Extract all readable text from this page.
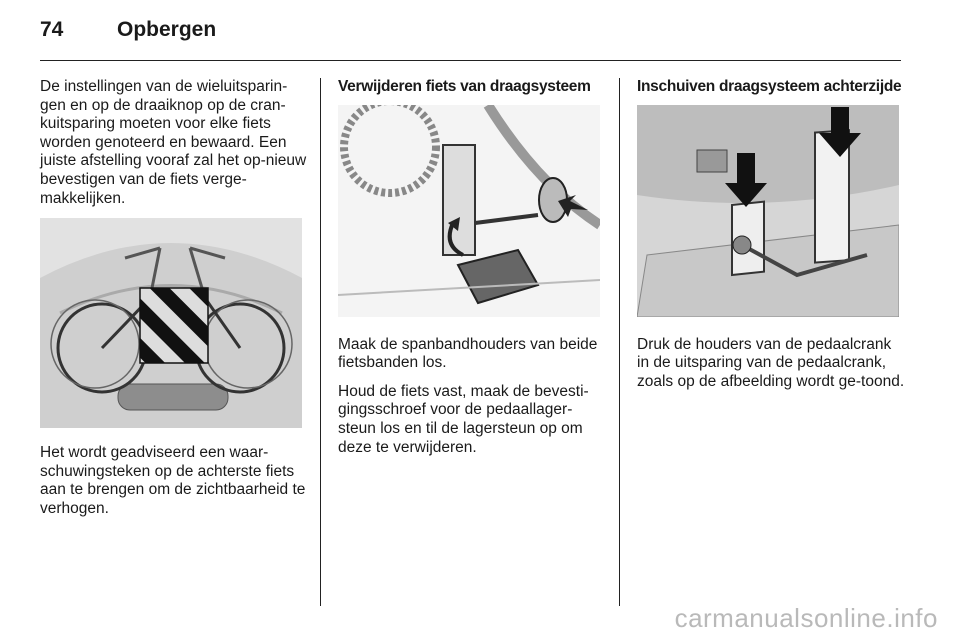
74	Opbergen

De instellingen van de wieluitsparin-gen en op de draaiknop op de cran-kuitsparing moeten voor elke fiets worden genoteerd en bewaard. Een juiste afstelling vooraf zal het op-nieuw bevestigen van de fiets verge-makkelijken.

Het wordt geadviseerd een waar-schuwingsteken op de achterste fiets aan te brengen om de zichtbaarheid te verhogen.

Verwijderen fiets van draagsysteem

Maak de spanbandhouders van beide fietsbanden los.

Houd de fiets vast, maak de bevesti-gingsschroef voor de pedaallager-steun los en til de lagersteun op om deze te verwijderen.

Inschuiven draagsysteem achterzijde

Druk de houders van de pedaalcrank in de uitsparing van de pedaalcrank, zoals op de afbeelding wordt ge-toond.

carmanualsonline.info
